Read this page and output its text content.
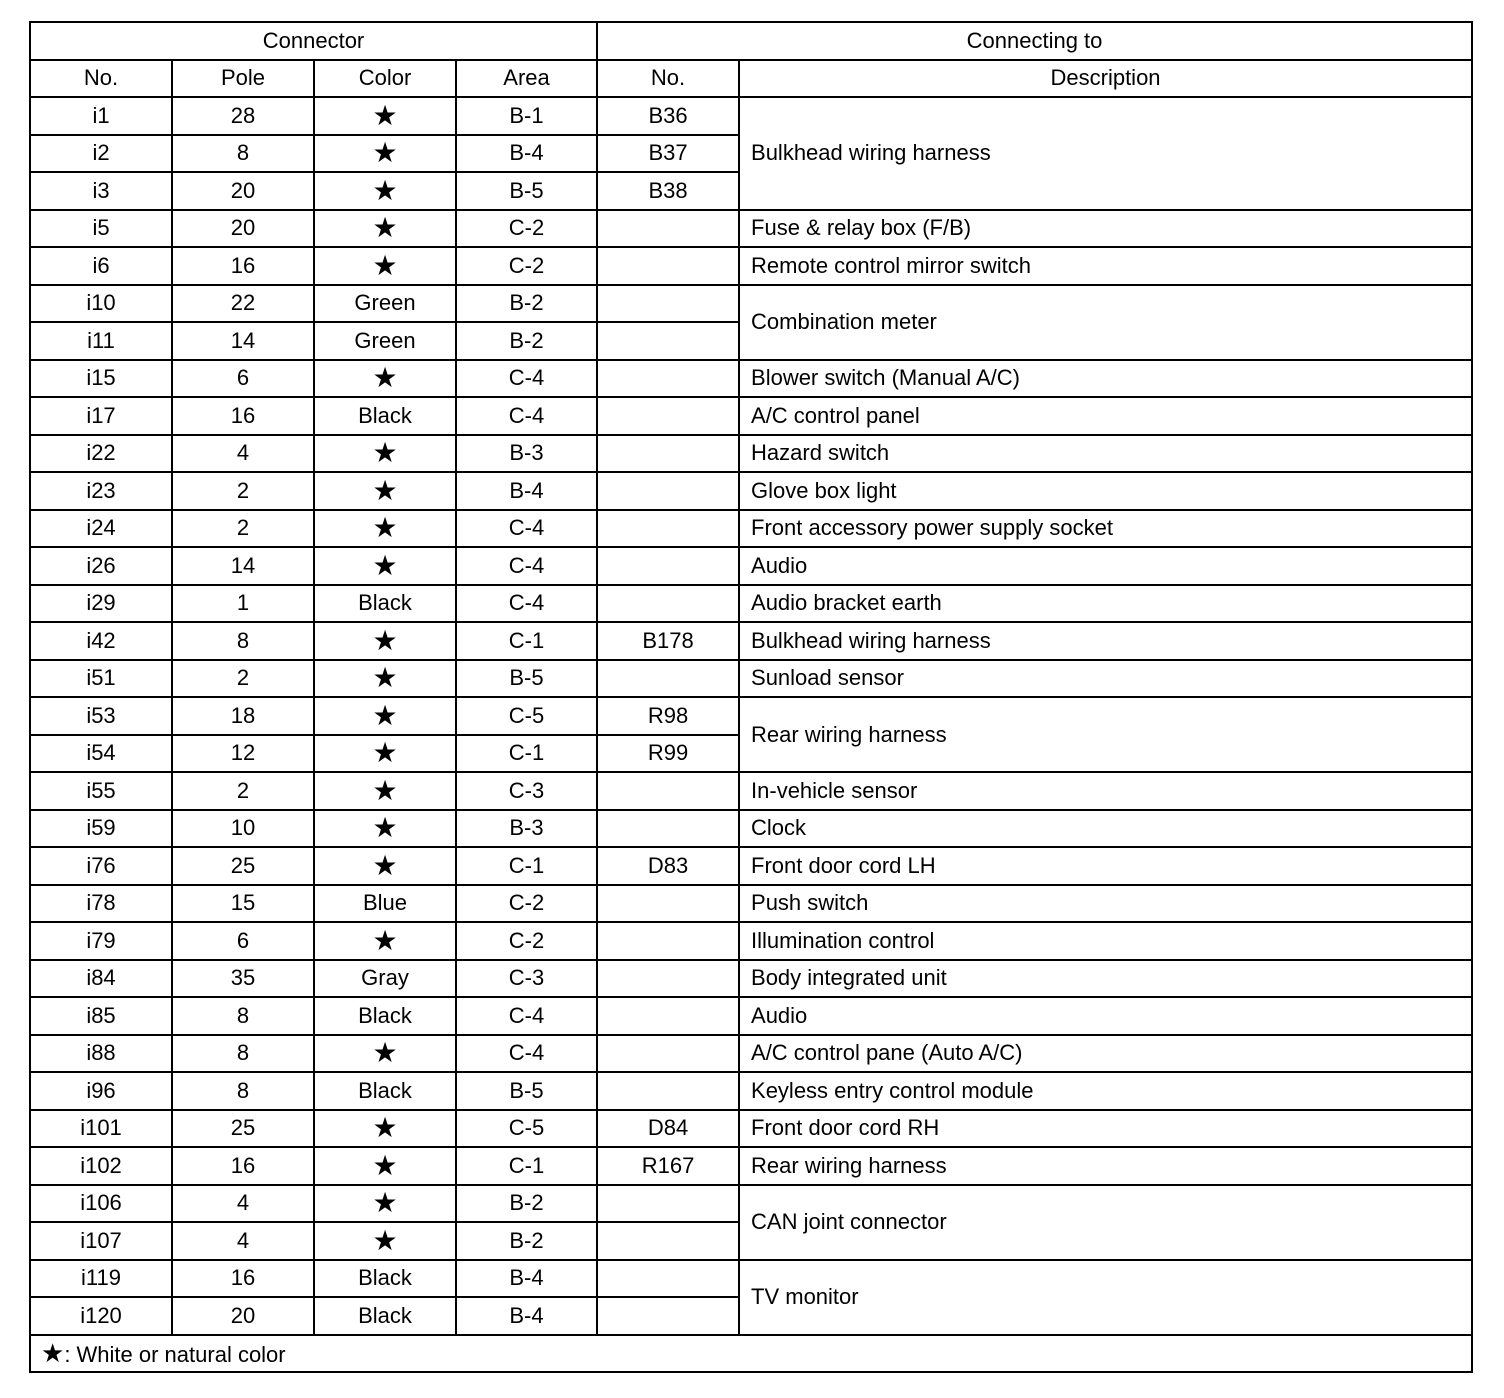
Connector				Connecting to	
No.	Pole	Color	Area	No.	Description
i1	28	★	B-1	B36	Bulkhead wiring harness
i2	8	★	B-4	B37	
i3	20	★	B-5	B38	
i5	20	★	C-2		Fuse & relay box (F/B)
i6	16	★	C-2		Remote control mirror switch
i10	22	Green	B-2		Combination meter
i11	14	Green	B-2		
i15	6	★	C-4		Blower switch (Manual A/C)
i17	16	Black	C-4		A/C control panel
i22	4	★	B-3		Hazard switch
i23	2	★	B-4		Glove box light
i24	2	★	C-4		Front accessory power supply socket
i26	14	★	C-4		Audio
i29	1	Black	C-4		Audio bracket earth
i42	8	★	C-1	B178	Bulkhead wiring harness
i51	2	★	B-5		Sunload sensor
i53	18	★	C-5	R98	Rear wiring harness
i54	12	★	C-1	R99	
i55	2	★	C-3		In-vehicle sensor
i59	10	★	B-3		Clock
i76	25	★	C-1	D83	Front door cord LH
i78	15	Blue	C-2		Push switch
i79	6	★	C-2		Illumination control
i84	35	Gray	C-3		Body integrated unit
i85	8	Black	C-4		Audio
i88	8	★	C-4		A/C control pane (Auto A/C)
i96	8	Black	B-5		Keyless entry control module
i101	25	★	C-5	D84	Front door cord RH
i102	16	★	C-1	R167	Rear wiring harness
i106	4	★	B-2		CAN joint connector
i107	4	★	B-2		
i119	16	Black	B-4		TV monitor
i120	20	Black	B-4		
★: White or natural color					
